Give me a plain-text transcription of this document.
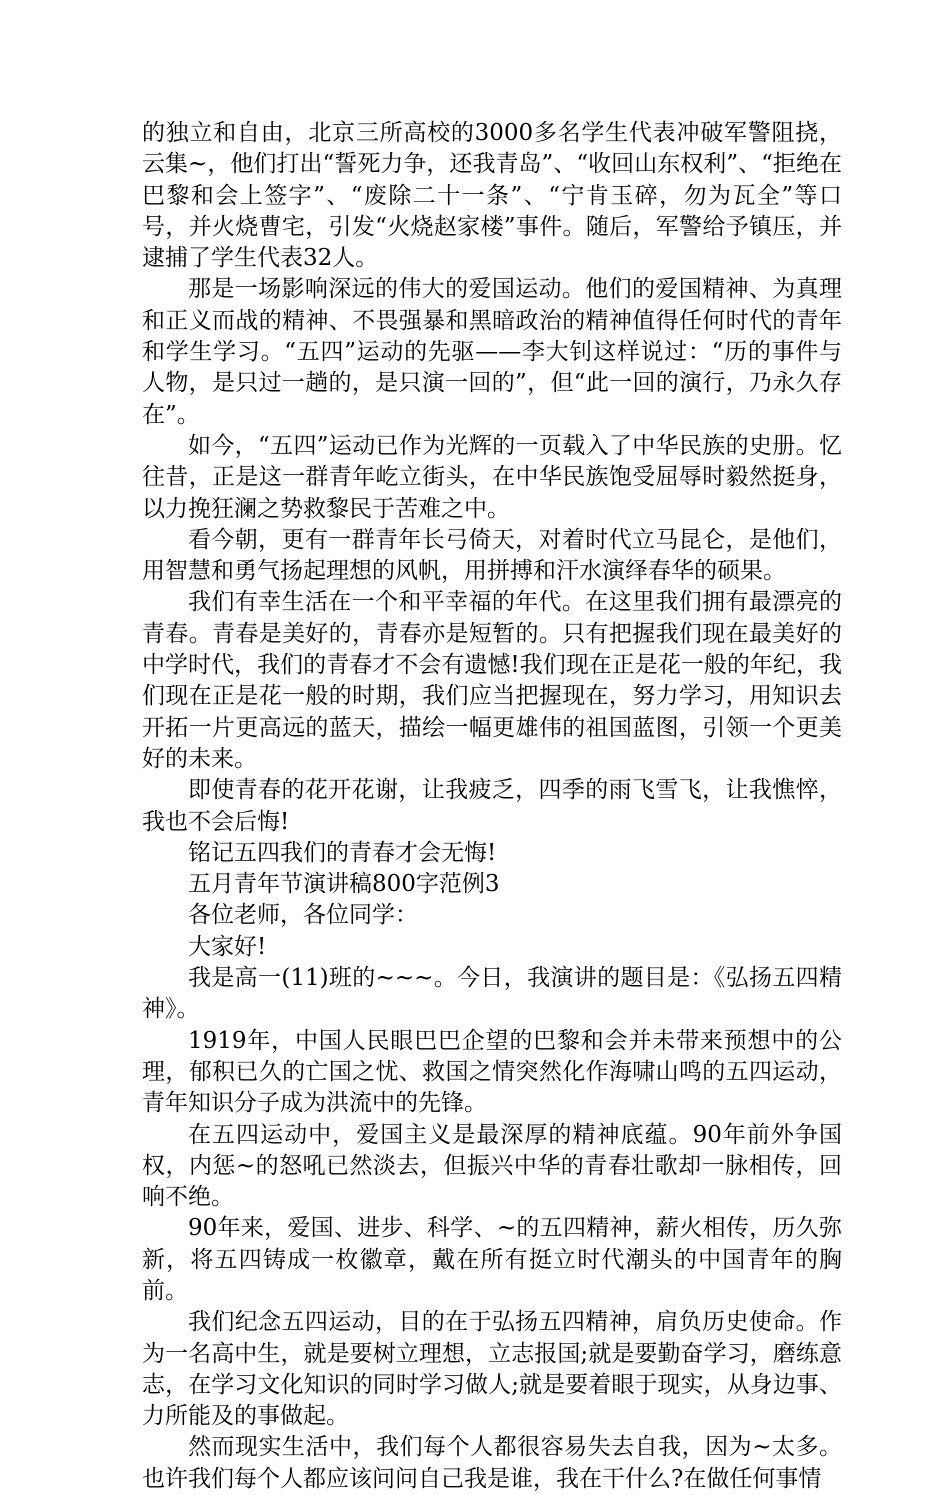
的独立和自由，北京三所高校的3000多名学生代表冲破军警阻挠，云集~，他们打出“誓死力争，还我青岛”、“收回山东权利”、“拒绝在巴黎和会上签字”、“废除二十一条”、“宁肯玉碎，勿为瓦全”等口号，并火烧曹宅，引发“火烧赵家楼”事件。随后，军警给予镇压，并逮捕了学生代表32人。

那是一场影响深远的伟大的爱国运动。他们的爱国精神、为真理和正义而战的精神、不畏强暴和黑暗政治的精神值得任何时代的青年和学生学习。“五四”运动的先驱——李大钊这样说过：“历的事件与人物，是只过一趟的，是只演一回的”，但“此一回的演行，乃永久存在”。

如今，“五四”运动已作为光辉的一页载入了中华民族的史册。忆往昔，正是这一群青年屹立街头，在中华民族饱受屈辱时毅然挺身，以力挽狂澜之势救黎民于苦难之中。

看今朝，更有一群青年长弓倚天，对着时代立马昆仑，是他们，用智慧和勇气扬起理想的风帆，用拼搏和汗水演绎春华的硕果。

我们有幸生活在一个和平幸福的年代。在这里我们拥有最漂亮的青春。青春是美好的，青春亦是短暂的。只有把握我们现在最美好的中学时代，我们的青春才不会有遗憾!我们现在正是花一般的年纪，我们现在正是花一般的时期，我们应当把握现在，努力学习，用知识去开拓一片更高远的蓝天，描绘一幅更雄伟的祖国蓝图，引领一个更美好的未来。

即使青春的花开花谢，让我疲乏，四季的雨飞雪飞，让我憔悴，我也不会后悔!

铭记五四我们的青春才会无悔!

五月青年节演讲稿800字范例3

各位老师，各位同学：

大家好!

我是高一(11)班的~~~。今日，我演讲的题目是：《弘扬五四精神》。

1919年，中国人民眼巴巴企望的巴黎和会并未带来预想中的公理，郁积已久的亡国之忧、救国之情突然化作海啸山鸣的五四运动，青年知识分子成为洪流中的先锋。

在五四运动中，爱国主义是最深厚的精神底蕴。90年前外争国权，内惩~的怒吼已然淡去，但振兴中华的青春壮歌却一脉相传，回响不绝。

90年来，爱国、进步、科学、~的五四精神，薪火相传，历久弥新，将五四铸成一枚徽章，戴在所有挺立时代潮头的中国青年的胸前。

我们纪念五四运动，目的在于弘扬五四精神，肩负历史使命。作为一名高中生，就是要树立理想，立志报国;就是要勤奋学习，磨练意志，在学习文化知识的同时学习做人;就是要着眼于现实，从身边事、力所能及的事做起。

然而现实生活中，我们每个人都很容易失去自我，因为~太多。也许我们每个人都应该问问自己我是谁，我在干什么?在做任何事情
